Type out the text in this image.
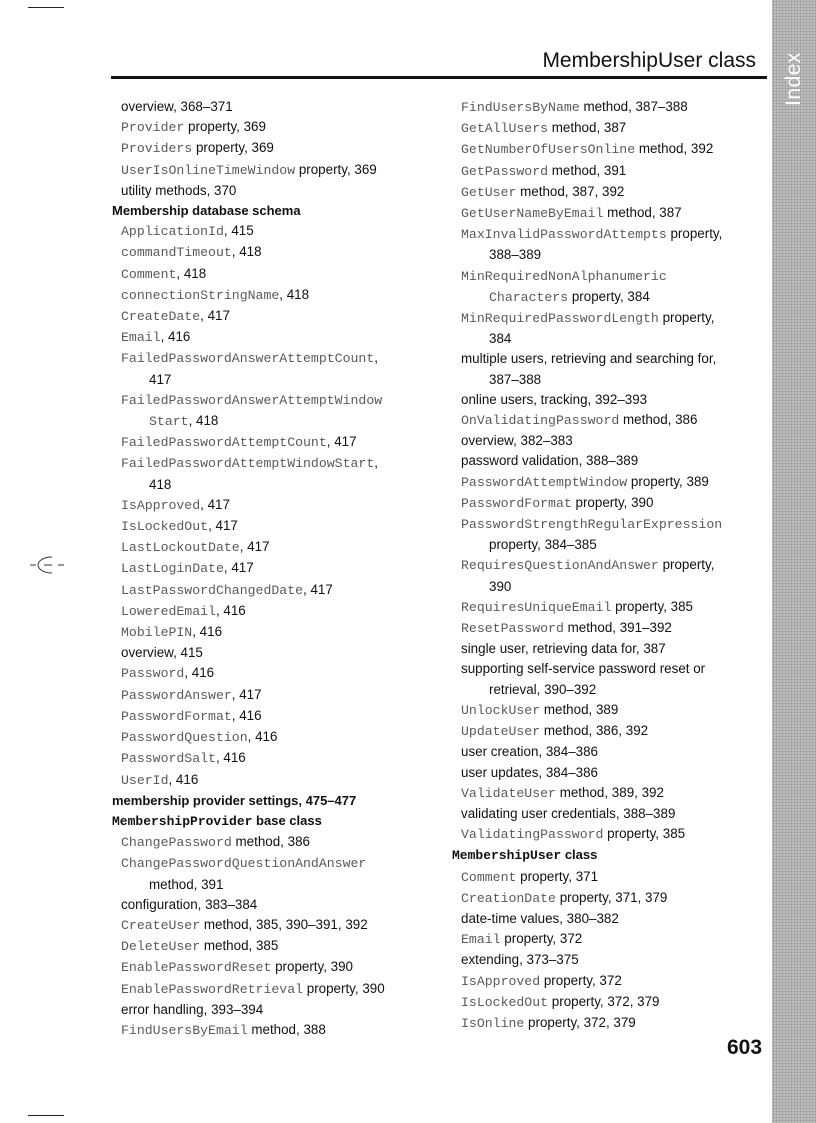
Index
MembershipUser class

overview, 368–371

Provider property, 369

Providers property, 369

UserIsOnlineTimeWindow property, 369

utility methods, 370

Membership database schema

ApplicationId, 415

commandTimeout, 418

Comment, 418

connectionStringName, 418

CreateDate, 417

Email, 416

FailedPasswordAnswerAttemptCount,

417

FailedPasswordAnswerAttemptWindow

Start, 418

FailedPasswordAttemptCount, 417

FailedPasswordAttemptWindowStart,

418

IsApproved, 417

IsLockedOut, 417

LastLockoutDate, 417

LastLoginDate, 417

LastPasswordChangedDate, 417

LoweredEmail, 416

MobilePIN, 416

overview, 415

Password, 416

PasswordAnswer, 417

PasswordFormat, 416

PasswordQuestion, 416

PasswordSalt, 416

UserId, 416

membership provider settings, 475–477

MembershipProvider base class

ChangePassword method, 386

ChangePasswordQuestionAndAnswer

method, 391

configuration, 383–384

CreateUser method, 385, 390–391, 392

DeleteUser method, 385

EnablePasswordReset property, 390

EnablePasswordRetrieval property, 390

error handling, 393–394

FindUsersByEmail method, 388

FindUsersByName method, 387–388

GetAllUsers method, 387

GetNumberOfUsersOnline method, 392

GetPassword method, 391

GetUser method, 387, 392

GetUserNameByEmail method, 387

MaxInvalidPasswordAttempts property,

388–389

MinRequiredNonAlphanumeric

Characters property, 384

MinRequiredPasswordLength property,

384

multiple users, retrieving and searching for,

387–388

online users, tracking, 392–393

OnValidatingPassword method, 386

overview, 382–383

password validation, 388–389

PasswordAttemptWindow property, 389

PasswordFormat property, 390

PasswordStrengthRegularExpression

property, 384–385

RequiresQuestionAndAnswer property,

390

RequiresUniqueEmail property, 385

ResetPassword method, 391–392

single user, retrieving data for, 387

supporting self-service password reset or

retrieval, 390–392

UnlockUser method, 389

UpdateUser method, 386, 392

user creation, 384–386

user updates, 384–386

ValidateUser method, 389, 392

validating user credentials, 388–389

ValidatingPassword property, 385

MembershipUser class

Comment property, 371

CreationDate property, 371, 379

date-time values, 380–382

Email property, 372

extending, 373–375

IsApproved property, 372

IsLockedOut property, 372, 379

IsOnline property, 372, 379

603
